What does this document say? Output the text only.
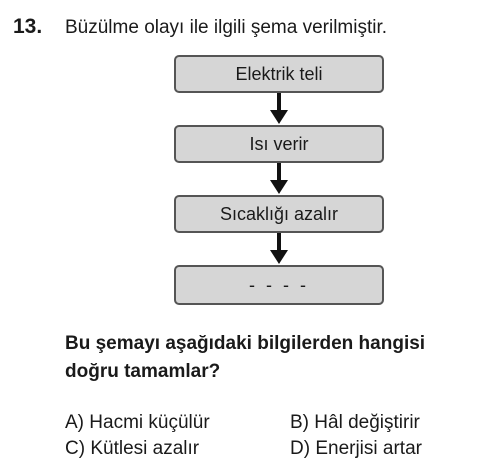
13. Büzülme olayı ile ilgili şema verilmiştir.
Elektrik teli
Isı verir
Sıcaklığı azalır
- - - -
Bu şemayı aşağıdaki bilgilerden hangisi
doğru tamamlar?
A) Hacmi küçülür	B) Hâl değiştirir
C) Kütlesi azalır	D) Enerjisi artar
